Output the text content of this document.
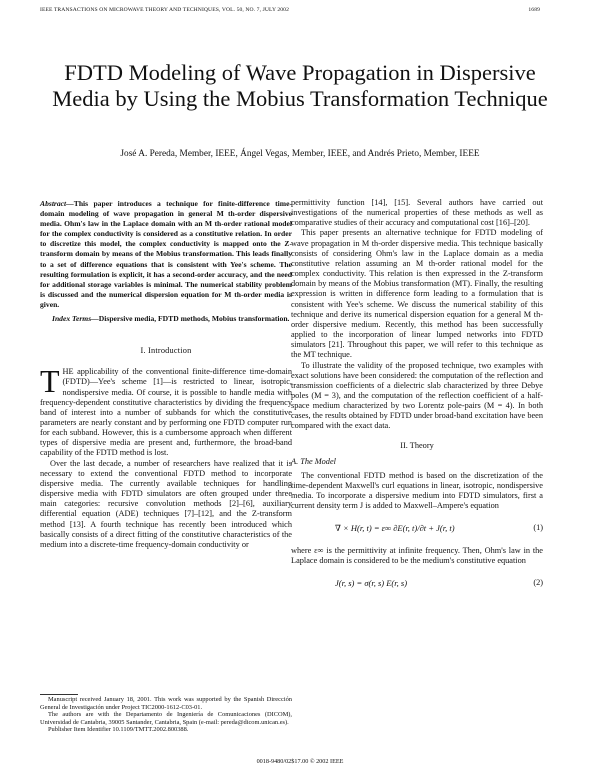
IEEE TRANSACTIONS ON MICROWAVE THEORY AND TECHNIQUES, VOL. 50, NO. 7, JULY 2002	1689
FDTD Modeling of Wave Propagation in Dispersive Media by Using the Mobius Transformation Technique
José A. Pereda, Member, IEEE, Ángel Vegas, Member, IEEE, and Andrés Prieto, Member, IEEE
Abstract—This paper introduces a technique for finite-difference time-domain modeling of wave propagation in general M th-order dispersive media. Ohm's law in the Laplace domain with an M th-order rational model for the complex conductivity is considered as a constitutive relation. In order to discretize this model, the complex conductivity is mapped onto the Z-transform domain by means of the Mobius transformation. This leads finally to a set of difference equations that is consistent with Yee's scheme. The resulting formulation is explicit, it has a second-order accuracy, and the need for additional storage variables is minimal. The numerical stability problem is discussed and the numerical dispersion equation for M th-order media is given.
Index Terms—Dispersive media, FDTD methods, Mobius transformation.
I. Introduction

THE applicability of the conventional finite-difference time-domain (FDTD)—Yee's scheme [1]—is restricted to linear, isotropic, nondispersive media. Of course, it is possible to handle media with frequency-dependent constitutive characteristics by dividing the frequency band of interest into a number of subbands for which the constitutive parameters are nearly constant and by performing one FDTD computer run for each subband. However, this is a cumbersome approach when different types of dispersive media are present and, furthermore, the broad-band capability of the FDTD method is lost.

Over the last decade, a number of researchers have realized that it is necessary to extend the conventional FDTD method to incorporate dispersive media. The currently available techniques for handling dispersive media with FDTD simulators are often grouped under three main categories: recursive convolution methods [2]–[6], auxiliary differential equation (ADE) techniques [7]–[12], and the Z-transform method [13]. A fourth technique has recently been introduced which basically consists of a direct fitting of the constitutive characteristics of the medium into a discrete-time frequency-domain conductivity or

permittivity function [14], [15]. Several authors have carried out investigations of the numerical properties of these methods as well as comparative studies of their accuracy and computational cost [16]–[20].

This paper presents an alternative technique for FDTD modeling of wave propagation in M th-order dispersive media. This technique basically consists of considering Ohm's law in the Laplace domain as a media constitutive relation assuming an M th-order rational model for the complex conductivity. This relation is then expressed in the Z-transform domain by means of the Mobius transformation (MT). Finally, the resulting expression is written in difference form leading to a formulation that is consistent with Yee's scheme. We discuss the numerical stability of this technique and derive its numerical dispersion equation for a general M th-order dispersive medium. Recently, this method has been successfully applied to the incorporation of linear lumped networks into FDTD simulators [21]. Throughout this paper, we will refer to this technique as the MT technique.

To illustrate the validity of the proposed technique, two examples with exact solutions have been considered: the computation of the reflection and transmission coefficients of a dielectric slab characterized by three Debye poles (M = 3), and the computation of the reflection coefficient of a half-space medium characterized by two Lorentz pole-pairs (M = 4). In both cases, the results obtained by FDTD under broad-band excitation have been compared with the exact data.

II. Theory
A. The Model

The conventional FDTD method is based on the discretization of the time-dependent Maxwell's curl equations in linear, isotropic, nondispersive media. To incorporate a dispersive medium into FDTD simulators, first a current density term J is added to Maxwell–Ampere's equation

∇ × H(r, t) = ε∞ ∂E(r, t)/∂t + J(r, t)	(1)

where ε∞ is the permittivity at infinite frequency. Then, Ohm's law in the Laplace domain is considered to be the medium's constitutive equation

J(r, s) = σ(r, s) E(r, s)	(2)

Manuscript received January 18, 2001. This work was supported by the Spanish Dirección General de Investigación under Project TIC2000-1612-C03-01.

The authors are with the Departamento de Ingeniería de Comunicaciones (DICOM), Universidad de Cantabria, 39005 Santander, Cantabria, Spain (e-mail: pereda@dicom.unican.es).

Publisher Item Identifier 10.1109/TMTT.2002.800388.

0018-9480/02$17.00 © 2002 IEEE
